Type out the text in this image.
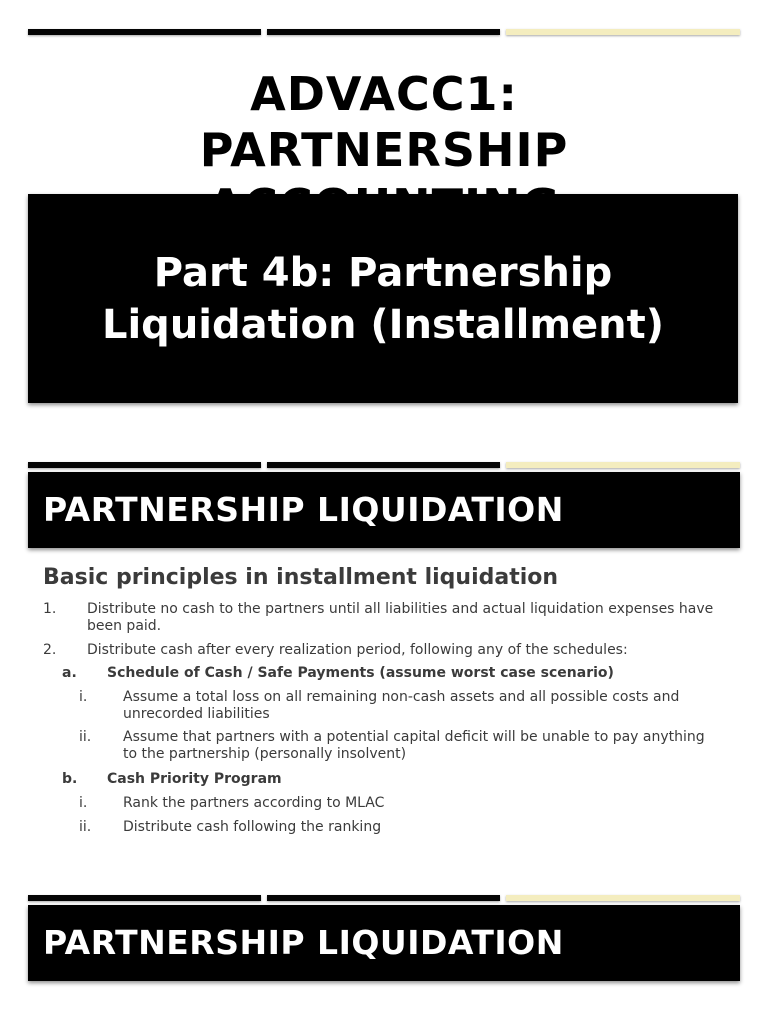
ADVACC1:
PARTNERSHIP
Part 4b: Partnership
Liquidation (Installment)
PARTNERSHIP LIQUIDATION
Basic principles in installment liquidation
1. Distribute no cash to the partners until all liabilities and actual liquidation expenses have been paid.
2. Distribute cash after every realization period, following any of the schedules:
a. Schedule of Cash / Safe Payments (assume worst case scenario)
i.	Assume a total loss on all remaining non-cash assets and all possible costs and unrecorded liabilities
ii. Assume that partners with a potential capital deficit will be unable to pay anything to the partnership (personally insolvent)
b. Cash Priority Program
i.	Rank the partners according to MLAC
ii. Distribute cash following the ranking
PARTNERSHIP LIQUIDATION
